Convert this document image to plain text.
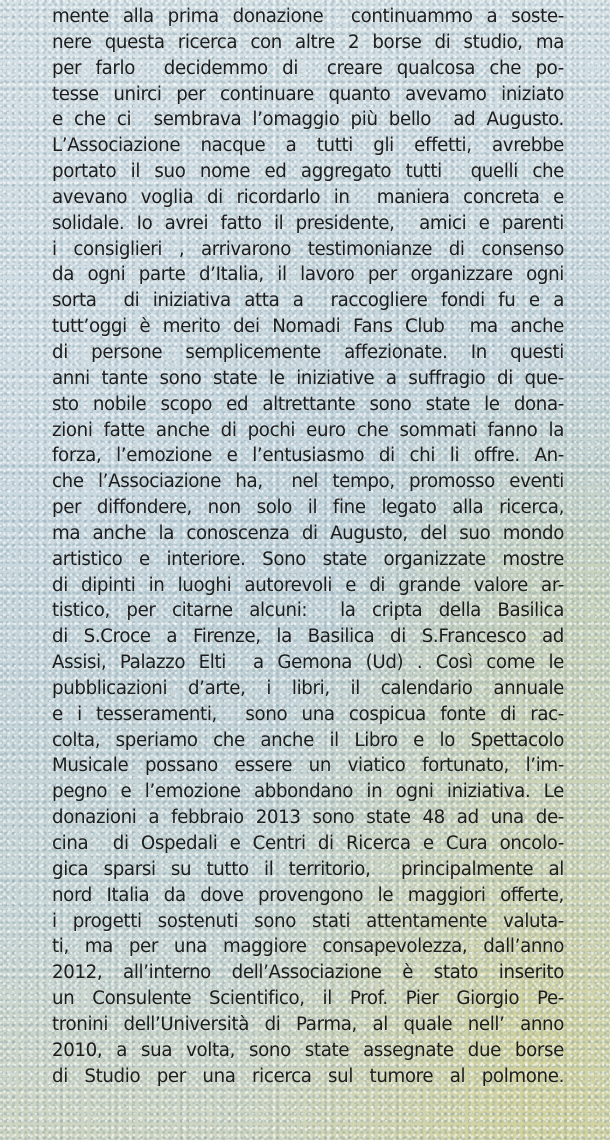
mente alla prima donazione  continuammo a soste-
nere questa ricerca con altre 2 borse di studio, ma
per farlo  decidemmo di  creare qualcosa che po-
tesse unirci per continuare quanto avevamo iniziato
e che ci  sembrava l’omaggio più bello  ad Augusto.
L’Associazione nacque a tutti gli effetti, avrebbe
portato il suo nome ed aggregato tutti  quelli che
avevano voglia di ricordarlo in  maniera concreta e
solidale. Io avrei fatto il presidente,  amici e parenti
i consiglieri , arrivarono testimonianze di consenso
da ogni parte d’Italia, il lavoro per organizzare ogni
sorta  di iniziativa atta a  raccogliere fondi fu e a
tutt’oggi è merito dei Nomadi Fans Club  ma anche
di persone semplicemente affezionate. In questi
anni tante sono state le iniziative a suffragio di que-
sto nobile scopo ed altrettante sono state le dona-
zioni fatte anche di pochi euro che sommati fanno la
forza, l’emozione e l’entusiasmo di chi li offre. An-
che l’Associazione ha,  nel tempo, promosso eventi
per diffondere, non solo il fine legato alla ricerca,
ma anche la conoscenza di Augusto, del suo mondo
artistico e interiore. Sono state organizzate mostre
di dipinti in luoghi autorevoli e di grande valore ar-
tistico, per citarne alcuni:  la cripta della Basilica
di S.Croce a Firenze, la Basilica di S.Francesco ad
Assisi, Palazzo Elti  a Gemona (Ud) . Così come le
pubblicazioni d’arte, i libri, il calendario annuale
e i tesseramenti,  sono una cospicua fonte di rac-
colta, speriamo che anche il Libro e lo Spettacolo
Musicale possano essere un viatico fortunato, l’im-
pegno e l’emozione abbondano in ogni iniziativa. Le
donazioni a febbraio 2013 sono state 48 ad una de-
cina  di Ospedali e Centri di Ricerca e Cura oncolo-
gica sparsi su tutto il territorio,  principalmente al
nord Italia da dove provengono le maggiori offerte,
i progetti sostenuti sono stati attentamente valuta-
ti, ma per una maggiore consapevolezza, dall’anno
2012, all’interno dell’Associazione è stato inserito
un Consulente Scientifico, il Prof. Pier Giorgio Pe-
tronini dell’Università di Parma, al quale nell’ anno
2010, a sua volta, sono state assegnate due borse
di Studio per una ricerca sul tumore al polmone.
